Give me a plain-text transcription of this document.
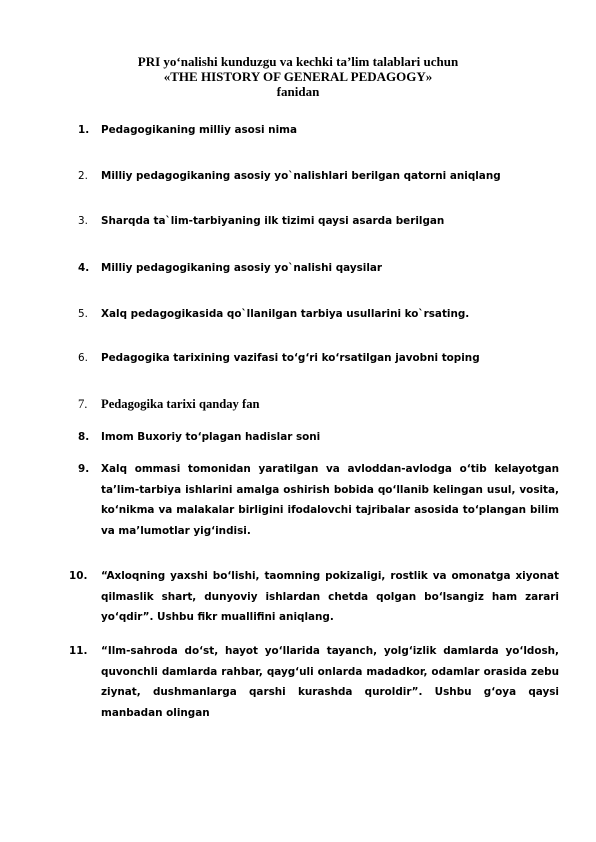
PRI yo‘nalishi kunduzgu va kechki ta’lim talablari uchun
«THE HISTORY OF GENERAL PEDAGOGY»
fanidan
1. Pedagogikaning milliy asosi nima
2. Milliy pedagogikaning asosiy yo`nalishlari berilgan qatorni aniqlang
3. Sharqda ta`lim-tarbiyaning ilk tizimi qaysi asarda berilgan
4. Milliy pedagogikaning asosiy yo`nalishi qaysilar
5. Xalq pedagogikasida qo`llanilgan tarbiya usullarini ko`rsating.
6. Pedagogika tarixining vazifasi to‘g‘ri ko‘rsatilgan javobni toping
7. Pedagogika tarixi qanday fan
8. Imom Buxoriy to‘plagan hadislar soni
9. Xalq ommasi tomonidan yaratilgan va avloddan-avlodga o‘tib kelayotgan ta’lim-tarbiya ishlarini amalga oshirish bobida qo‘llanib kelingan usul, vosita, ko‘nikma va malakalar birligini ifodalovchi tajribalar asosida to‘plangan bilim va ma’lumotlar yig‘indisi.
10. “Axloqning yaxshi bo‘lishi, taomning pokizaligi, rostlik va omonatga xiyonat qilmaslik shart, dunyoviy ishlardan chetda qolgan bo‘lsangiz ham zarari yo‘qdir”. Ushbu fikr muallifini aniqlang.
11. “Ilm-sahroda do‘st, hayot yo‘llarida tayanch, yolg‘izlik damlarda yo‘ldosh, quvonchli damlarda rahbar, qayg‘uli onlarda madadkor, odamlar orasida zebu ziynat, dushmanlarga qarshi kurashda quroldir”. Ushbu g‘oya qaysi manbadan olingan
